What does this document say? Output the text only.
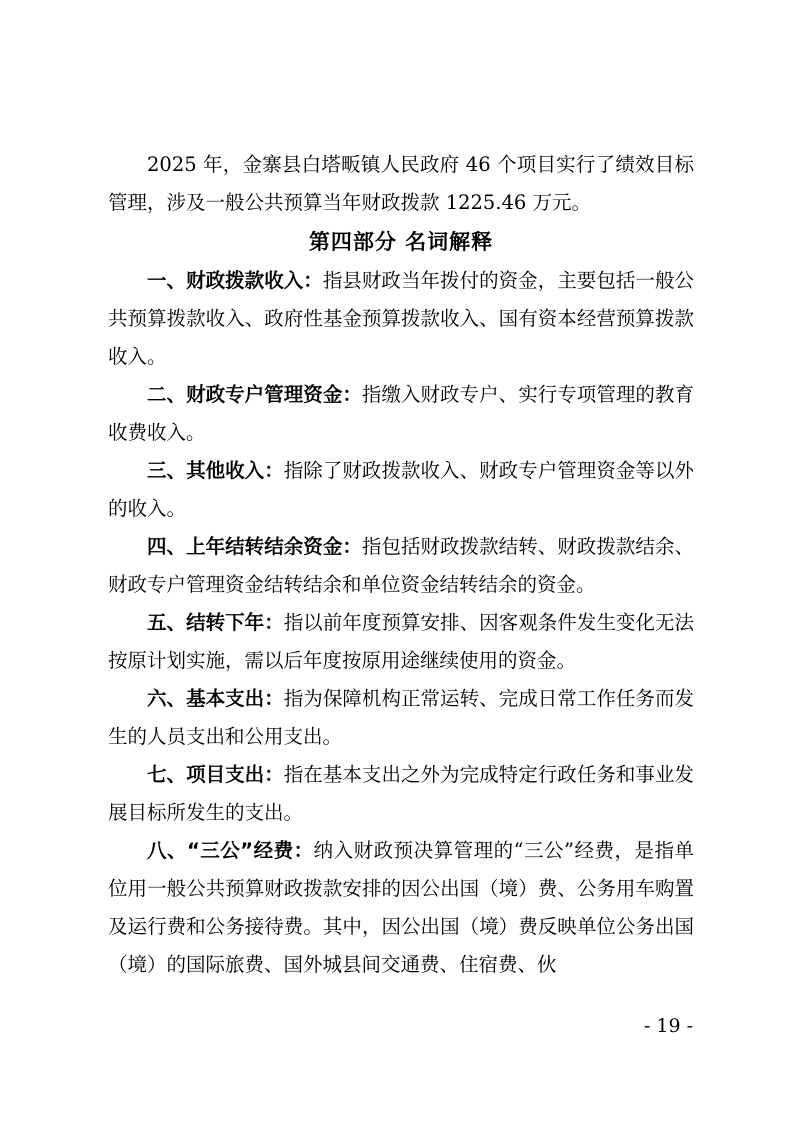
2025 年，金寨县白塔畈镇人民政府 46 个项目实行了绩效目标管理，涉及一般公共预算当年财政拨款 1225.46 万元。

第四部分 名词解释

一、财政拨款收入：指县财政当年拨付的资金，主要包括一般公共预算拨款收入、政府性基金预算拨款收入、国有资本经营预算拨款收入。

二、财政专户管理资金：指缴入财政专户、实行专项管理的教育收费收入。

三、其他收入：指除了财政拨款收入、财政专户管理资金等以外的收入。

四、上年结转结余资金：指包括财政拨款结转、财政拨款结余、财政专户管理资金结转结余和单位资金结转结余的资金。

五、结转下年：指以前年度预算安排、因客观条件发生变化无法按原计划实施，需以后年度按原用途继续使用的资金。

六、基本支出：指为保障机构正常运转、完成日常工作任务而发生的人员支出和公用支出。

七、项目支出：指在基本支出之外为完成特定行政任务和事业发展目标所发生的支出。

八、“三公”经费：纳入财政预决算管理的“三公”经费，是指单位用一般公共预算财政拨款安排的因公出国（境）费、公务用车购置及运行费和公务接待费。其中，因公出国（境）费反映单位公务出国（境）的国际旅费、国外城县间交通费、住宿费、伙

- 19 -
